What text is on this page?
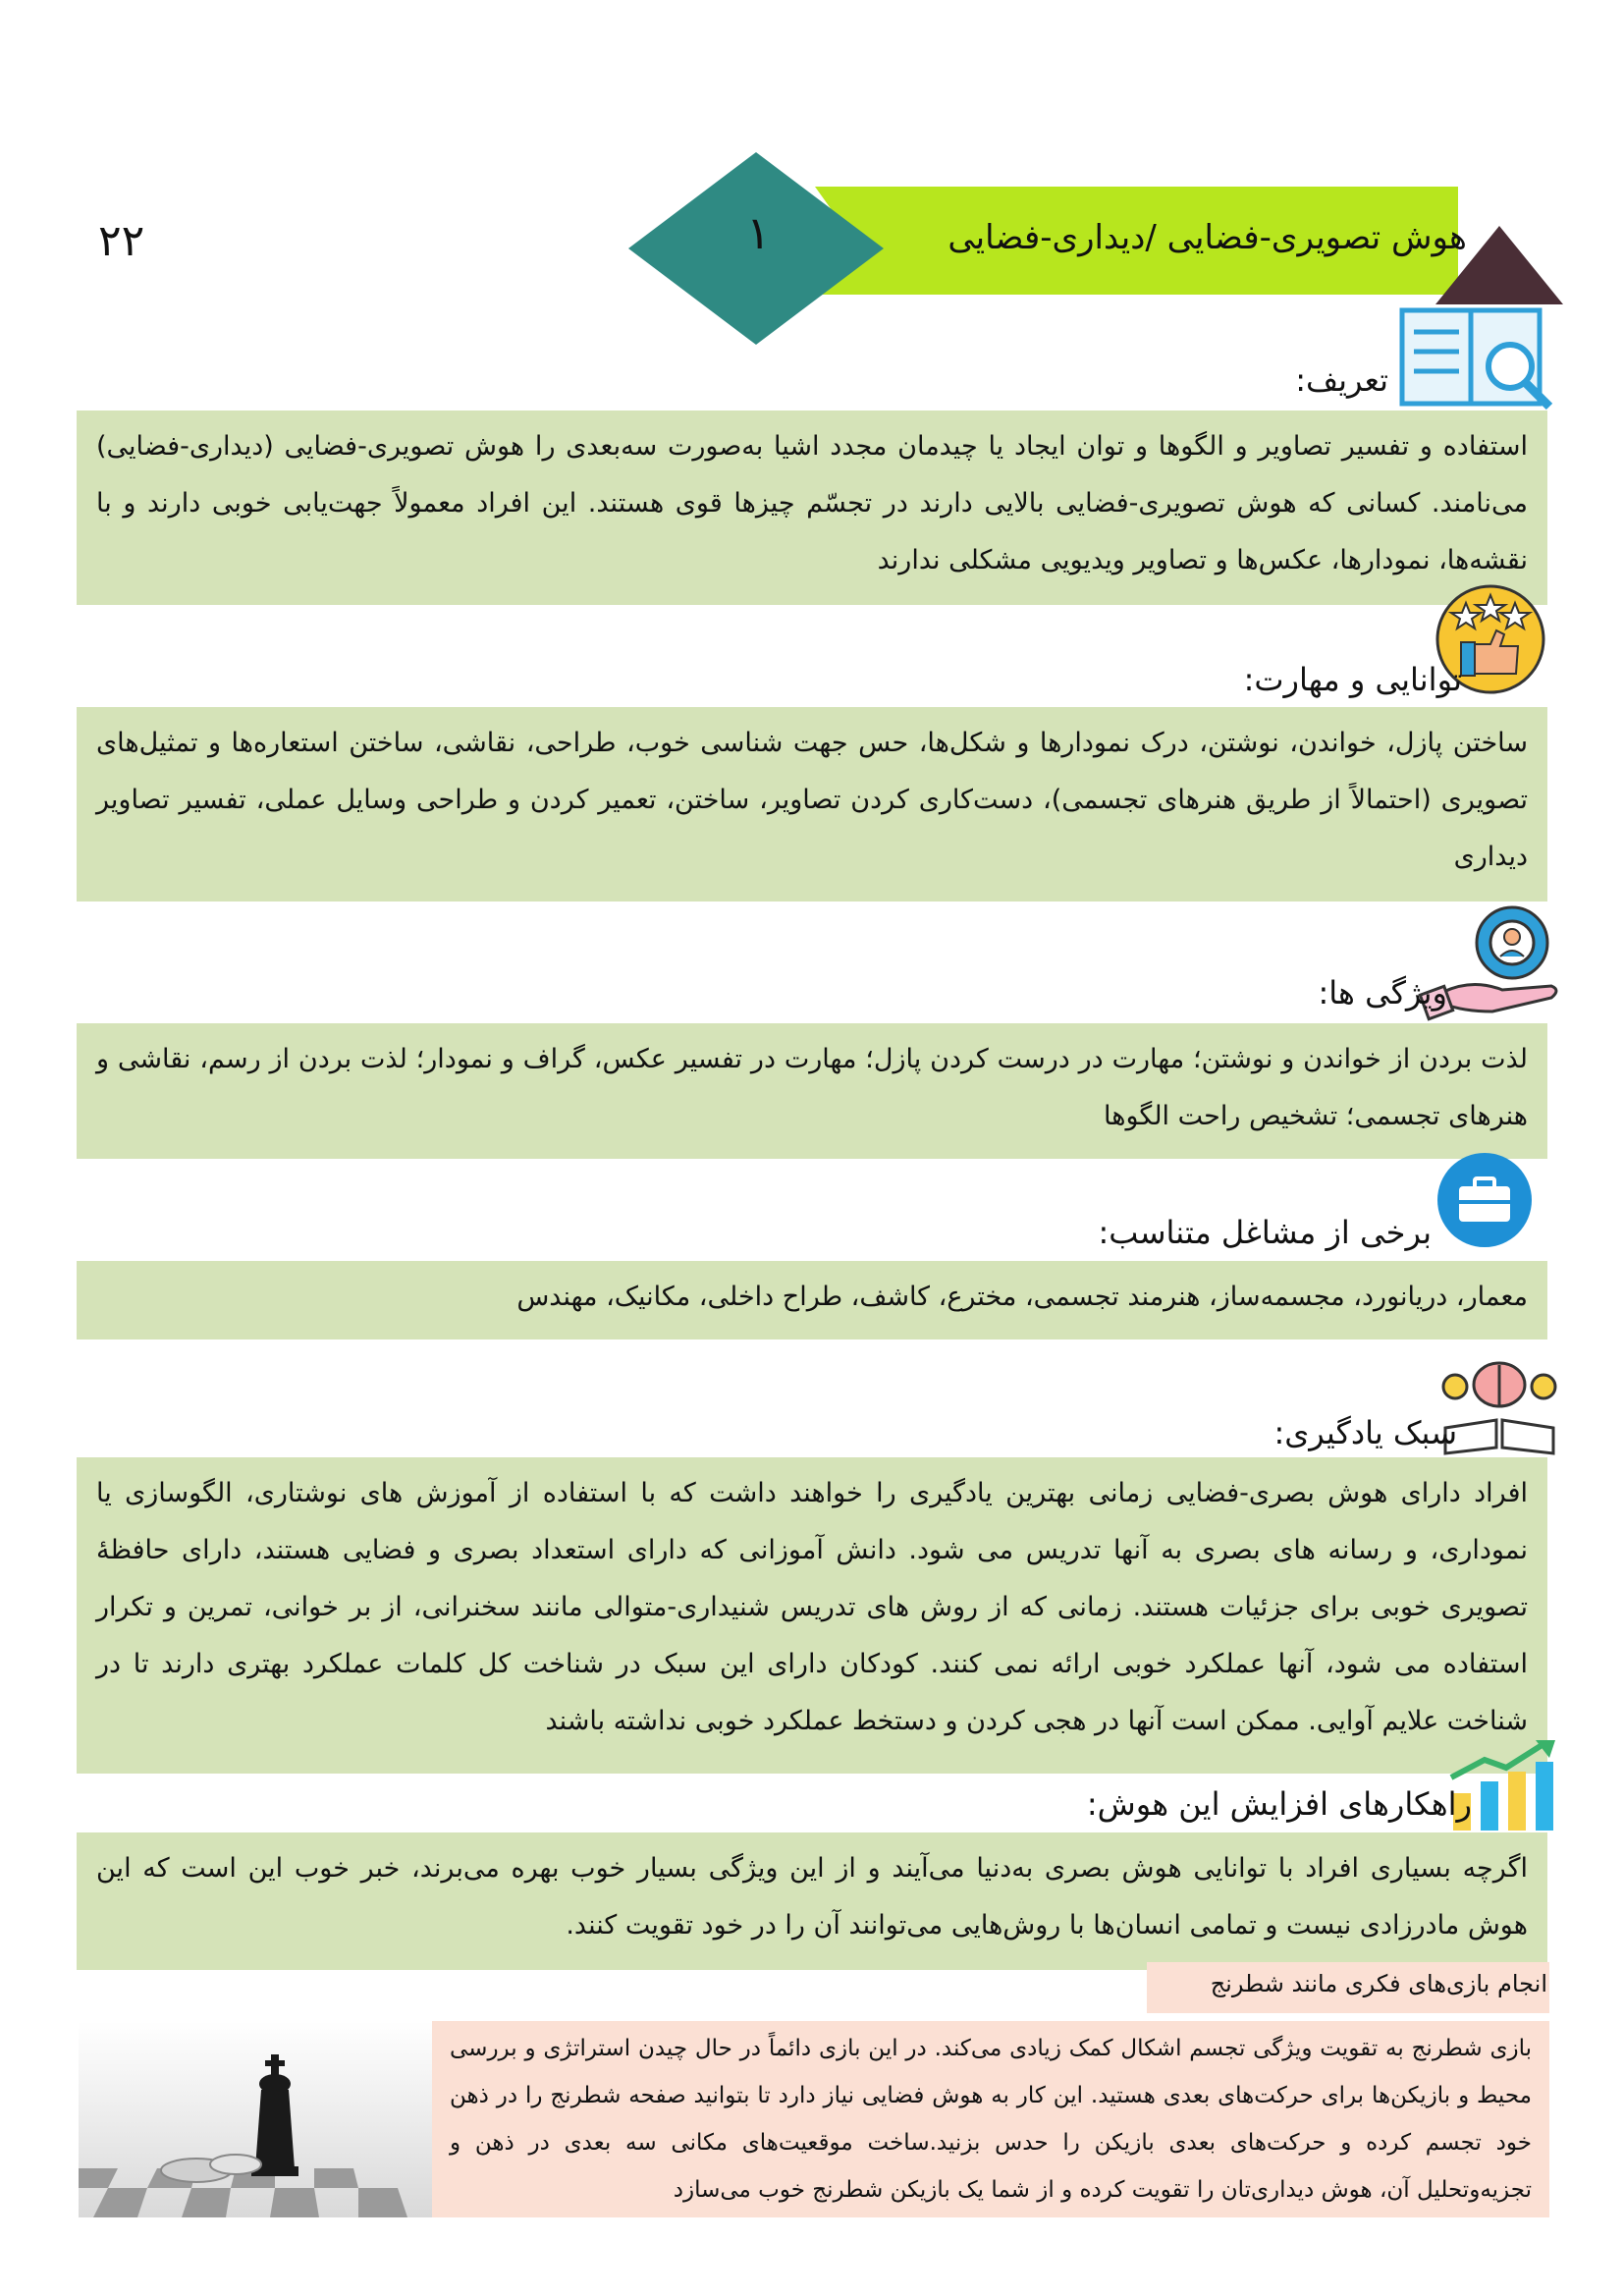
۲۲	۱	هوش تصویری-فضایی /دیداری-فضایی
تعریف:
استفاده و تفسیر تصاویر و الگوها و توان ایجاد یا چیدمان مجدد اشیا به‌صورت سه‌بعدی را هوش تصویری-فضایی (دیداری-فضایی) می‌نامند. کسانی که هوش تصویری-فضایی بالایی دارند در تجسّم چیزها قوی هستند. این افراد معمولاً جهت‌یابی خوبی دارند و با نقشه‌ها، نمودارها، عکس‌ها و تصاویر ویدیویی مشکلی ندارند
توانایی و مهارت:
ساختن پازل، خواندن، نوشتن، درک نمودارها و شکل‌ها، حس جهت شناسی خوب، طراحی، نقاشی، ساختن استعاره‌ها و تمثیل‌های تصویری (احتمالاً از طریق هنرهای تجسمی)، دست‌کاری کردن تصاویر، ساختن، تعمیر کردن و طراحی وسایل عملی، تفسیر تصاویر دیداری
ویژگی ها:
لذت بردن از خواندن و نوشتن؛ مهارت در درست کردن پازل؛ مهارت در تفسیر عکس، گراف و نمودار؛ لذت بردن از رسم، نقاشی و هنرهای تجسمی؛ تشخیص راحت الگوها
برخی از مشاغل متناسب:
معمار، دریانورد، مجسمه‌ساز، هنرمند تجسمی، مخترع، کاشف، طراح داخلی، مکانیک، مهندس
سبک یادگیری:
افراد دارای هوش بصری-فضایی زمانی بهترین یادگیری را خواهند داشت که با استفاده از آموزش های نوشتاری، الگوسازی یا نموداری، و رسانه های بصری به آنها تدریس می شود. دانش آموزانی که دارای استعداد بصری و فضایی هستند، دارای حافظهٔ تصویری خوبی برای جزئیات هستند. زمانی که از روش های تدریس شنیداری-متوالی مانند سخنرانی، از بر خوانی، تمرین و تکرار استفاده می شود، آنها عملکرد خوبی ارائه نمی کنند. کودکان دارای این سبک در شناخت کل کلمات عملکرد بهتری دارند تا در شناخت علایم آوایی. ممکن است آنها در هجی کردن و دستخط عملکرد خوبی نداشته باشند
راهکارهای افزایش این هوش:
اگرچه بسیاری افراد با توانایی هوش بصری به‌دنیا می‌آیند و از این ویژگی بسیار خوب بهره می‌برند، خبر خوب این است که این هوش مادرزادی نیست و تمامی انسان‌ها با روش‌هایی می‌توانند آن را در خود تقویت کنند.
انجام بازی‌های فکری مانند شطرنج
بازی شطرنج به تقویت ویژگی تجسم اشکال کمک زیادی می‌کند. در این بازی دائماً در حال چیدن استراتژی و بررسی محیط و بازیکن‌ها برای حرکت‌های بعدی هستید. این کار به هوش فضایی نیاز دارد تا بتوانید صفحه شطرنج را در ذهن خود تجسم کرده و حرکت‌های بعدی بازیکن را حدس بزنید.ساخت موقعیت‌های مکانی سه بعدی در ذهن و تجزیه‌وتحلیل آن، هوش دیداری‌تان را تقویت کرده و از شما یک بازیکن شطرنج خوب می‌سازد
